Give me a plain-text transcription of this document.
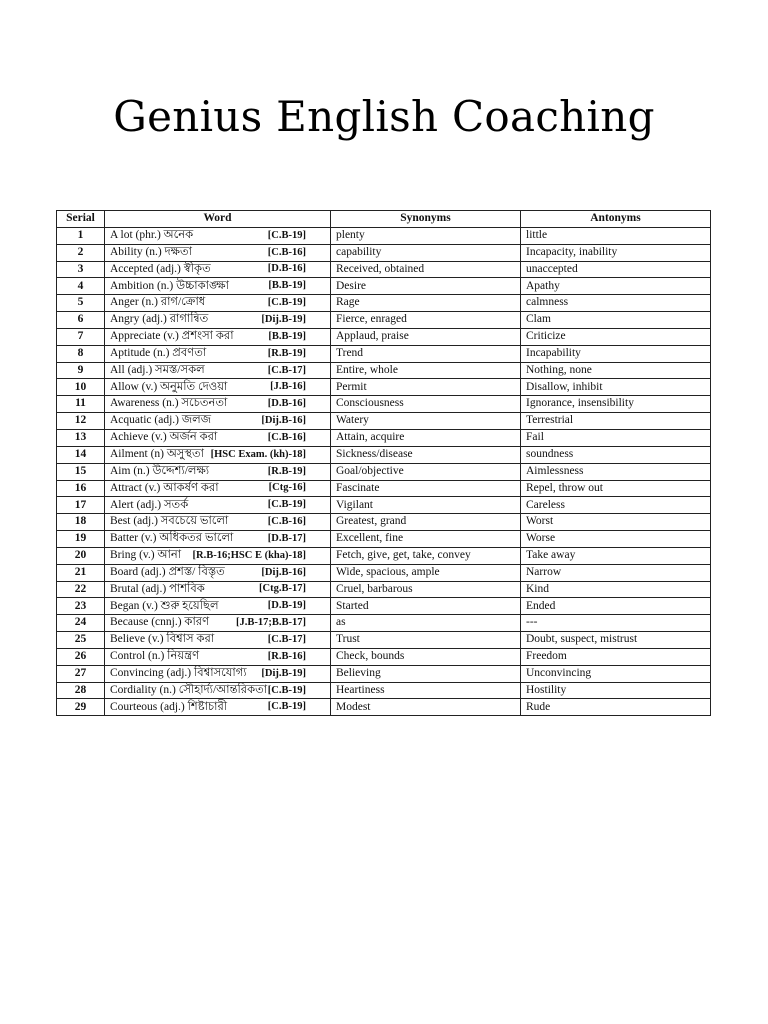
Genius English Coaching
Serial	Word	Synonyms	Antonyms
1	A lot (phr.) অনেক [C.B-19]	plenty	little
2	Ability (n.) দক্ষতা [C.B-16]	capability	Incapacity, inability
3	Accepted (adj.) স্বীকৃত [D.B-16]	Received, obtained	unaccepted
4	Ambition (n.) উচ্চাকাঙ্ক্ষা [B.B-19]	Desire	Apathy
5	Anger (n.) রাগ/ক্রোধ [C.B-19]	Rage	calmness
6	Angry (adj.) রাগান্বিত [Dij.B-19]	Fierce, enraged	Clam
7	Appreciate (v.) প্রশংসা করা [B.B-19]	Applaud, praise	Criticize
8	Aptitude (n.) প্রবণতা [R.B-19]	Trend	Incapability
9	All (adj.) সমস্ত/সকল [C.B-17]	Entire, whole	Nothing, none
10	Allow (v.) অনুমতি দেওয়া [J.B-16]	Permit	Disallow, inhibit
11	Awareness (n.) সচেতনতা [D.B-16]	Consciousness	Ignorance, insensibility
12	Acquatic (adj.) জলজ [Dij.B-16]	Watery	Terrestrial
13	Achieve (v.) অর্জন করা [C.B-16]	Attain, acquire	Fail
14	Ailment (n) অসুস্থতা [HSC Exam. (kh)-18]	Sickness/disease	soundness
15	Aim (n.) উদ্দেশ্য/লক্ষ্য [R.B-19]	Goal/objective	Aimlessness
16	Attract (v.) আকর্ষণ করা [Ctg-16]	Fascinate	Repel, throw out
17	Alert (adj.) সতর্ক [C.B-19]	Vigilant	Careless
18	Best (adj.) সবচেয়ে ভালো [C.B-16]	Greatest, grand	Worst
19	Batter (v.) অধিকতর ভালো [D.B-17]	Excellent, fine	Worse
20	Bring (v.) আনা [R.B-16;HSC E (kha)-18]	Fetch, give, get, take, convey	Take away
21	Board (adj.) প্রশস্ত/ বিস্তৃত [Dij.B-16]	Wide, spacious, ample	Narrow
22	Brutal (adj.) পাশবিক [Ctg.B-17]	Cruel, barbarous	Kind
23	Began (v.) শুরু হয়েছিল [D.B-19]	Started	Ended
24	Because (cnnj.) কারণ [J.B-17;B.B-17]	as	---
25	Believe (v.) বিশ্বাস করা [C.B-17]	Trust	Doubt, suspect, mistrust
26	Control (n.) নিয়ন্ত্রণ [R.B-16]	Check, bounds	Freedom
27	Convincing (adj.) বিশ্বাসযোগ্য [Dij.B-19]	Believing	Unconvincing
28	Cordiality (n.) সৌহার্দ্য/আন্তরিকতা [C.B-19]	Heartiness	Hostility
29	Courteous (adj.) শিষ্টাচারী [C.B-19]	Modest	Rude
